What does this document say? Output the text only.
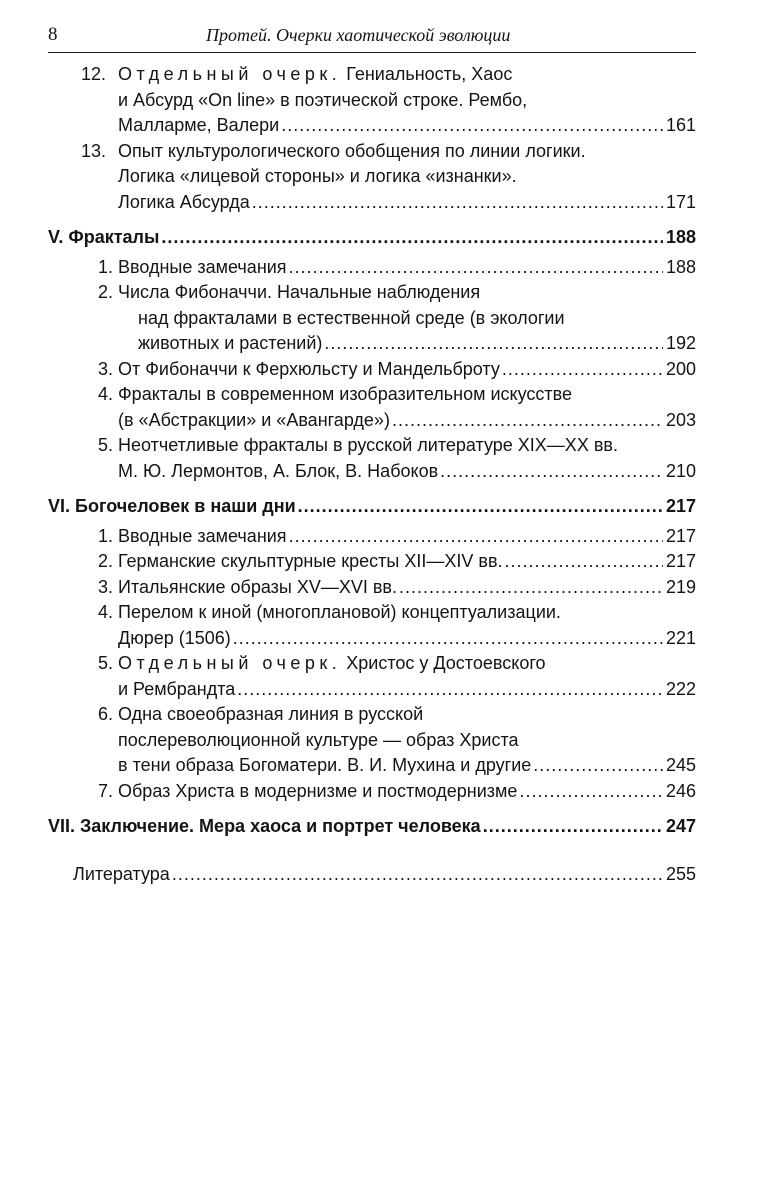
8	Протей. Очерки хаотической эволюции
12. Отдельный очерк. Гениальность, Хаос
и Абсурд «On line» в поэтической строке. Рембо,
Малларме, Валери .....	161
13. Опыт культурологического обобщения по линии логики.
Логика «лицевой стороны» и логика «изнанки».
Логика Абсурда .....	171
V. Фракталы .....	188
1. Вводные замечания .....	188
2. Числа Фибоначчи. Начальные наблюдения
над фракталами в естественной среде (в экологии
животных и растений) .....	192
3. От Фибоначчи к Ферхюльсту и Мандельброту .....	200
4. Фракталы в современном изобразительном искусстве
(в «Абстракции» и «Авангарде») .....	203
5. Неотчетливые фракталы в русской литературе XIX—XX вв.
М. Ю. Лермонтов, А. Блок, В. Набоков .....	210
VI. Богочеловек в наши дни .....	217
1. Вводные замечания .....	217
2. Германские скульптурные кресты XII—XIV вв. .....	217
3. Итальянские образы XV—XVI вв. .....	219
4. Перелом к иной (многоплановой) концептуализации.
Дюрер (1506) .....	221
5. Отдельный очерк. Христос у Достоевского
и Рембрандта .....	222
6. Одна своеобразная линия в русской
послереволюционной культуре — образ Христа
в тени образа Богоматери. В. И. Мухина и другие .....	245
7. Образ Христа в модернизме и постмодернизме .....	246
VII. Заключение. Мера хаоса и портрет человека .....	247
Литература .....	255
